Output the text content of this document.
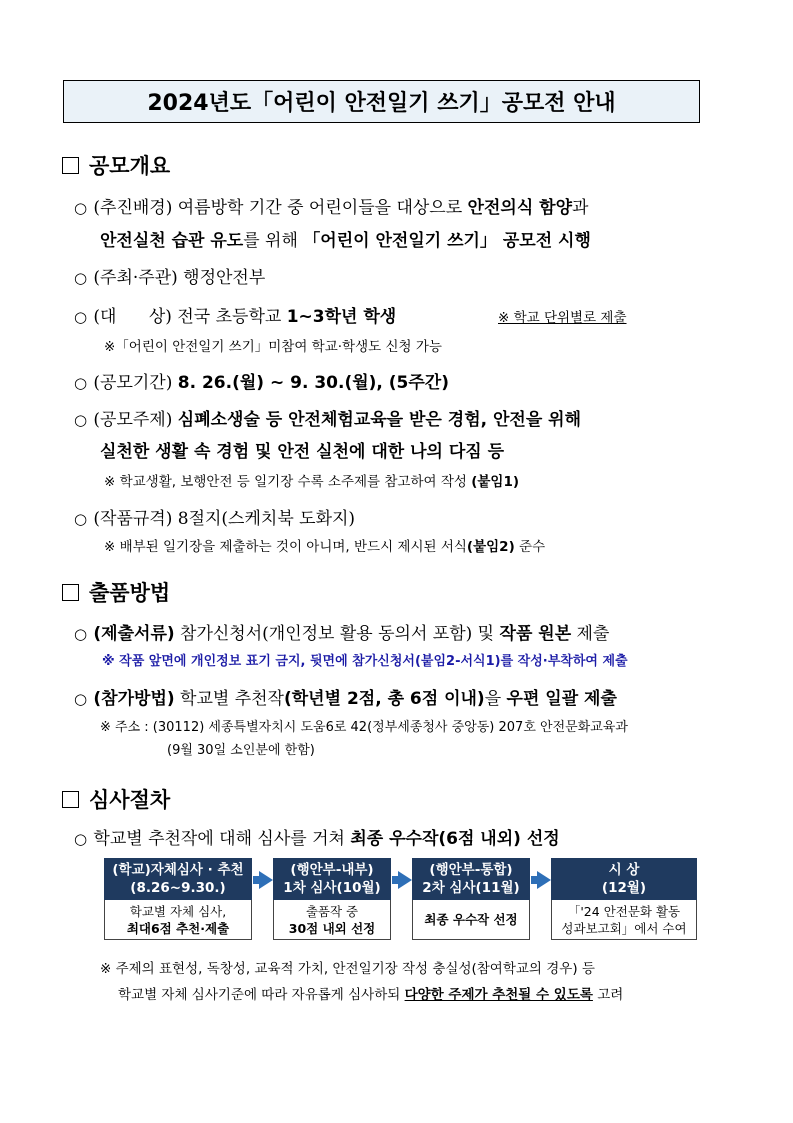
2024년도「어린이 안전일기 쓰기」공모전 안내
공모개요
○ (추진배경) 여름방학 기간 중 어린이들을 대상으로 안전의식 함양과
안전실천 습관 유도를 위해 「어린이 안전일기 쓰기」 공모전 시행
○ (주최·주관) 행정안전부
○ (대      상) 전국 초등학교 1~3학년 학생	※ 학교 단위별로 제출
※「어린이 안전일기 쓰기」미참여 학교·학생도 신청 가능
○ (공모기간) 8. 26.(월) ~ 9. 30.(월), (5주간)
○ (공모주제) 심폐소생술 등 안전체험교육을 받은 경험, 안전을 위해
실천한 생활 속 경험 및 안전 실천에 대한 나의 다짐 등
※ 학교생활, 보행안전 등 일기장 수록 소주제를 참고하여 작성 (붙임1)
○ (작품규격) 8절지(스케치북 도화지)
※ 배부된 일기장을 제출하는 것이 아니며, 반드시 제시된 서식(붙임2) 준수
출품방법
○ (제출서류) 참가신청서(개인정보 활용 동의서 포함) 및 작품 원본 제출
※ 작품 앞면에 개인정보 표기 금지, 뒷면에 참가신청서(붙임2-서식1)를 작성·부착하여 제출
○ (참가방법) 학교별 추천작(학년별 2점, 총 6점 이내)을 우편 일괄 제출
※ 주소 : (30112) 세종특별자치시 도움6로 42(정부세종청사 중앙동) 207호 안전문화교육과
(9월 30일 소인분에 한함)
심사절차
○ 학교별 추천작에 대해 심사를 거쳐 최종 우수작(6점 내외) 선정
(학교)자체심사 · 추천
(8.26~9.30.)
학교별 자체 심사,
최대6점 추천·제출
(행안부-내부)
1차 심사(10월)
출품작 중
30점 내외 선정
(행안부-통합)
2차 심사(11월)
최종 우수작 선정
시 상
(12월)
「'24 안전문화 활동
성과보고회」에서 수여
※ 주제의 표현성, 독창성, 교육적 가치, 안전일기장 작성 충실성(참여학교의 경우) 등
학교별 자체 심사기준에 따라 자유롭게 심사하되 다양한 주제가 추천될 수 있도록 고려
